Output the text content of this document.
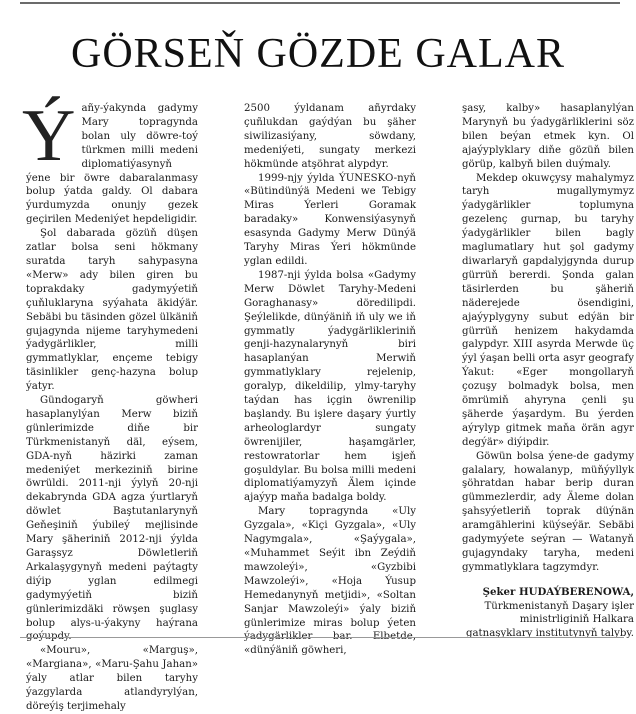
GÖRSEŇ GÖZDE GALAR

Ýañy-ýakynda gadymy Mary topragynda bolan uly döwre-toý türkmen milli medeni diplomatiýasynyň ýene bir öwre dabaralanmasy bolup ýatda galdy. Ol dabara ýurdumyzda onunjy gezek geçirilen Medeniýet hepdeligidir.

Şol dabarada gözüň düşen zatlar bolsa seni hökmany suratda taryh sahypasyna «Merw» ady bilen giren bu toprakdaky gadymyýetiň çuňluklaryna syýahata äkidýär. Sebäbi bu täsinden gözel ülkäniň gujagynda nijeme taryhymedeni ýadygärlikler, milli gymmatlyklar, ençeme tebigy täsinlikler genç-hazyna bolup ýatyr.

Gündogaryň göwheri hasaplanylýan Merw biziň günlerimizde diňe bir Türkmenistanyň däl, eýsem, GDA-nyň häzirki zaman medeniýet merkeziniň birine öwrüldi. 2011-nji ýylyň 20-nji dekabrynda GDA agza ýurtlaryň döwlet Baştutanlarynyň Geňeşiniň ýubileý mejlisinde Mary şäheriniň 2012-nji ýylda Garaşsyz Döwletleriň Arkalaşygynyň medeni paýtagty diýip yglan edilmegi gadymyýetiň biziň günlerimizdäki röwşen şuglasy bolup alys-u-ýakyny haýrana goýupdy.

«Mouru», «Marguş», «Margiana», «Maru-Şahu Jahan» ýaly atlar bilen taryhy ýazgylarda atlandyrylýan, döreýiş terjimehaly

2500 ýyldanam añyrdaky çuñlukdan gaýdýan bu şäher siwilizasiýany, söwdany, medeniýeti, sungaty merkezi hökmünde atşöhrat alypdyr.

1999-njy ýylda ÝUNESKO-nyň «Bütindünýä Medeni we Tebigy Miras Ýerleri Goramak baradaky» Konwensiýasynyň esasynda Gadymy Merw Dünýä Taryhy Miras Ýeri hökmünde yglan edildi.

1987-nji ýylda bolsa «Gadymy Merw Döwlet Taryhy-Medeni Goraghanasy» döredilipdi. Şeýlelikde, dünýäniň iň uly we iň gymmatly ýadygärlikleriniň genji-hazynalarynyň biri hasaplanýan Merwiň gymmatlyklary rejelenip, goralyp, dikeldilip, ylmy-taryhy taýdan has içgin öwrenilip başlandy. Bu işlere daşary ýurtly arheologlardyr sungaty öwrenijiler, haşamgärler, restowratorlar hem işjeň goşuldylar. Bu bolsa milli medeni diplomatiýamyzyň Älem içinde ajaýyp maňa badalga boldy.

Mary topragynda «Uly Gyzgala», «Kiçi Gyzgala», «Uly Nagymgala», «Şaýygala», «Muhammet Seýit ibn Zeýdiň mawzoleýi», «Gyzbibi Mawzoleýi», «Hoja Ýusup Hemedanynyň metjidi», «Soltan Sanjar Mawzoleýi» ýaly biziň günlerimize miras bolup ýeten ýadygärlikler bar. Elbetde, «dünýäniň göwheri,

şasy, kalby» hasaplanylýan Marynyň bu ýadygärliklerini söz bilen beýan etmek kyn. Ol ajaýyplyklary diňe gözüň bilen görüp, kalbyň bilen duýmaly.

Mekdep okuwçysy mahalymyz taryh mugallymymyz ýadygärlikler toplumyna gezelenç gurnap, bu taryhy ýadygärlikler bilen bagly maglumatlary hut şol gadymy diwarlaryň gapdalyjgynda durup gürrüň bererdi. Şonda galan täsirlerden bu şäheriň näderejede ösendigini, ajaýyplygyny subut edýän bir gürrüň henizem hakydamda galypdyr. XIII asyrda Merwde üç ýyl ýaşan belli orta asyr geografy Ýakut: «Eger mongollaryň çozuşy bolmadyk bolsa, men ömrümiň ahyryna çenli şu şäherde ýaşardym. Bu ýerden aýrylyp gitmek maňa örän agyr degýär» diýipdir.

Göwün bolsa ýene-de gadymy galalary, howalanyp, müňýyllyk şöhratdan habar berip duran gümmezlerdir, ady Äleme dolan şahsyýetleriň toprak düýnän aramgählerini küýseýär. Sebäbi gadymyýete seýran — Watanyň gujagyndaky taryha, medeni gymmatlyklara tagzymdyr.

Şeker HUDAÝBERENOWA,
Türkmenistanyň Daşary işler
ministrliginiň Halkara
gatnaşyklary institutynyň talyby.
